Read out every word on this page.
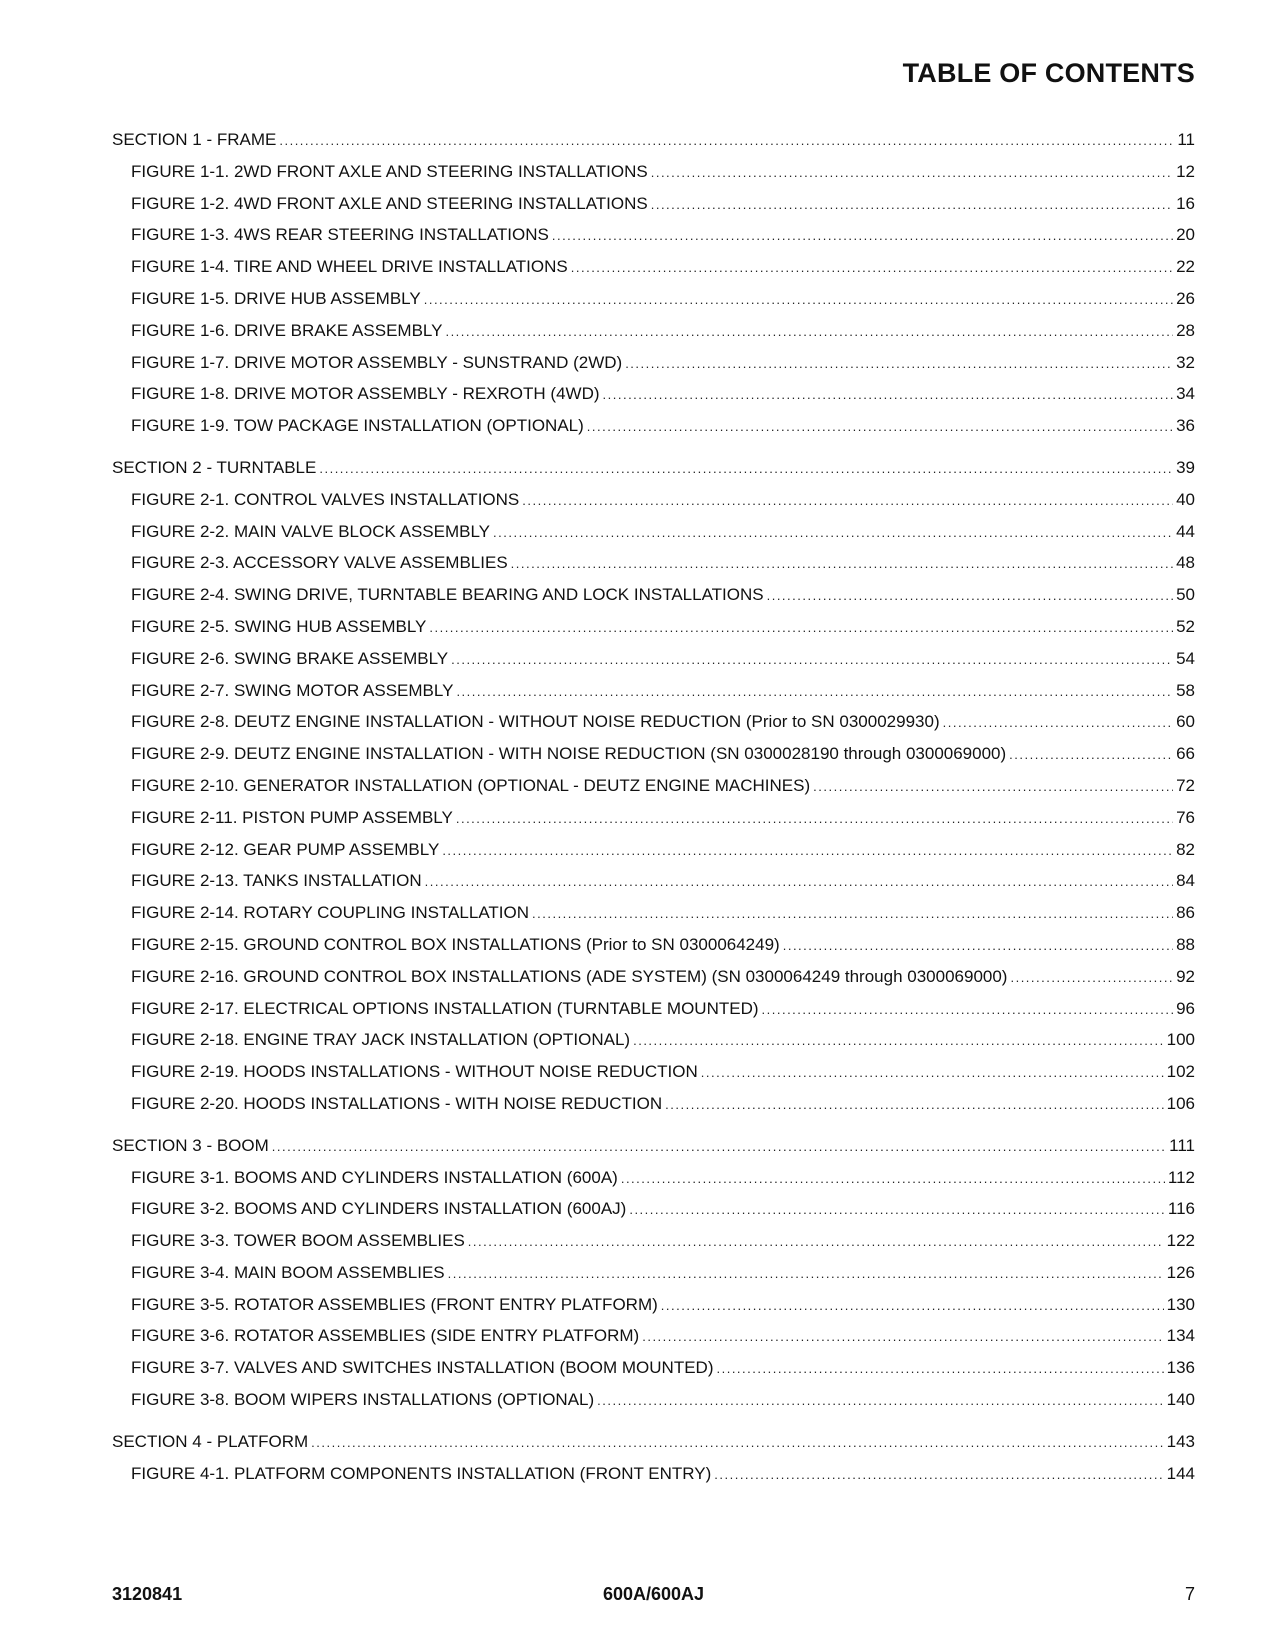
TABLE OF CONTENTS
SECTION 1 - FRAME .....	11
FIGURE 1-1. 2WD FRONT AXLE AND STEERING INSTALLATIONS .....	12
FIGURE 1-2. 4WD FRONT AXLE AND STEERING INSTALLATIONS .....	16
FIGURE 1-3. 4WS REAR STEERING INSTALLATIONS .....	20
FIGURE 1-4. TIRE AND WHEEL DRIVE INSTALLATIONS .....	22
FIGURE 1-5. DRIVE HUB ASSEMBLY .....	26
FIGURE 1-6. DRIVE BRAKE ASSEMBLY .....	28
FIGURE 1-7. DRIVE MOTOR ASSEMBLY - SUNSTRAND (2WD) .....	32
FIGURE 1-8. DRIVE MOTOR ASSEMBLY - REXROTH (4WD) .....	34
FIGURE 1-9. TOW PACKAGE INSTALLATION (OPTIONAL) .....	36
SECTION 2 - TURNTABLE .....	39
FIGURE 2-1. CONTROL VALVES INSTALLATIONS .....	40
FIGURE 2-2. MAIN VALVE BLOCK ASSEMBLY .....	44
FIGURE 2-3. ACCESSORY VALVE ASSEMBLIES .....	48
FIGURE 2-4. SWING DRIVE, TURNTABLE BEARING AND LOCK INSTALLATIONS .....	50
FIGURE 2-5. SWING HUB ASSEMBLY .....	52
FIGURE 2-6. SWING BRAKE ASSEMBLY .....	54
FIGURE 2-7. SWING MOTOR ASSEMBLY .....	58
FIGURE 2-8. DEUTZ ENGINE INSTALLATION - WITHOUT NOISE REDUCTION (Prior to SN 0300029930) .....	60
FIGURE 2-9. DEUTZ ENGINE INSTALLATION - WITH NOISE REDUCTION (SN 0300028190 through 0300069000) .....	66
FIGURE 2-10. GENERATOR INSTALLATION (OPTIONAL - DEUTZ ENGINE MACHINES) .....	72
FIGURE 2-11. PISTON PUMP ASSEMBLY .....	76
FIGURE 2-12. GEAR PUMP ASSEMBLY .....	82
FIGURE 2-13. TANKS INSTALLATION .....	84
FIGURE 2-14. ROTARY COUPLING INSTALLATION .....	86
FIGURE 2-15. GROUND CONTROL BOX INSTALLATIONS (Prior to SN 0300064249) .....	88
FIGURE 2-16. GROUND CONTROL BOX INSTALLATIONS (ADE SYSTEM) (SN 0300064249 through 0300069000) .....	92
FIGURE 2-17. ELECTRICAL OPTIONS INSTALLATION (TURNTABLE MOUNTED) .....	96
FIGURE 2-18. ENGINE TRAY JACK INSTALLATION (OPTIONAL) .....	100
FIGURE 2-19. HOODS INSTALLATIONS - WITHOUT NOISE REDUCTION .....	102
FIGURE 2-20. HOODS INSTALLATIONS - WITH NOISE REDUCTION .....	106
SECTION 3 - BOOM .....	111
FIGURE 3-1. BOOMS AND CYLINDERS INSTALLATION (600A) .....	112
FIGURE 3-2. BOOMS AND CYLINDERS INSTALLATION (600AJ) .....	116
FIGURE 3-3. TOWER BOOM ASSEMBLIES .....	122
FIGURE 3-4. MAIN BOOM ASSEMBLIES .....	126
FIGURE 3-5. ROTATOR ASSEMBLIES (FRONT ENTRY PLATFORM) .....	130
FIGURE 3-6. ROTATOR ASSEMBLIES (SIDE ENTRY PLATFORM) .....	134
FIGURE 3-7. VALVES AND SWITCHES INSTALLATION (BOOM MOUNTED) .....	136
FIGURE 3-8. BOOM WIPERS INSTALLATIONS (OPTIONAL) .....	140
SECTION 4 - PLATFORM .....	143
FIGURE 4-1. PLATFORM COMPONENTS INSTALLATION (FRONT ENTRY) .....	144
3120841	600A/600AJ	7
